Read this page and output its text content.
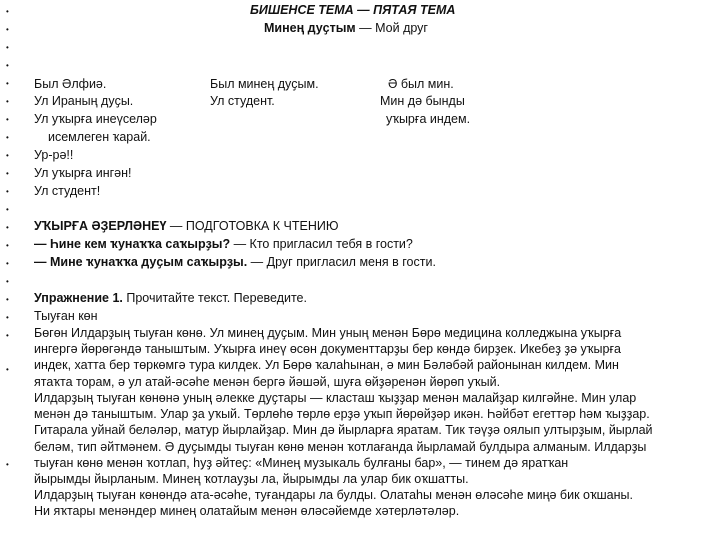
•
•
•
•
•
•
•
•
•
•
•
•
•
•
•
•
•
•
•
•
•
БИШЕНСЕ ТЕМА — ПЯТАЯ ТЕМА
Минең дуҫтым — Мой друг
Был Әлфиә.
Ул Ираның дуҫы.
Ул уҡырға инеүселәр
исемлеген ҡарай.
Ур-рә!!
Ул уҡырға ингән!
Ул студент!
Был минең дуҫым.
Ул студент.
Ә был мин.
Мин дә бынды
уҡырға индем.
УҠЫРҒА ӘҘЕРЛӘНЕҮ — ПОДГОТОВКА К ЧТЕНИЮ
— Һине кем ҡунаҡҡа саҡырҙы? — Кто пригласил тебя в гости?
— Мине ҡунаҡҡа дуҫым саҡырҙы. — Друг пригласил меня в гости.
Упражнение 1. Прочитайте текст. Переведите.
Тыуған көн
Бөгөн Илдарҙың тыуған көнө. Ул минең дуҫым. Мин уның менән Бөрө медицина колледжына уҡырға
ингергә йөрөгәндә таныштым. Уҡырға инеү өсөн документтарҙы бер көндә бирҙек. Икебеҙ ҙә уҡырға
индек, хатта бер төркөмгә тура килдек. Ул Бөрө ҡалаһынан, ә мин Бәләбәй районынан килдем. Мин
ятаҡта торам, ә ул атай-әсәһе менән бергә йәшәй, шуға өйҙәренән йөрөп уҡый.
Илдарҙың тыуған көнөнә уның әлекке дуҫтары — класташ ҡыҙҙар менән малайҙар килгәйне. Мин улар
менән дә таныштым. Улар ҙа уҡый. Төрлөһө төрлө ерҙә уҡып йөрөйҙәр икән. Һәйбәт егеттәр һәм ҡыҙҙар.
Гитарала уйнай беләләр, матур йырлайҙар. Мин дә йырларға яратам. Тик тәүҙә оялып ултырҙым, йырлай
беләм, тип әйтмәнем. Ә дуҫымды тыуған көнө менән ҡотлағанда йырламай булдыра алманым. Илдарҙы
тыуған көнө менән ҡотлап, һуҙ әйтеҫ: «Минең музыкаль булғаны бар», — тинем дә яратҡан
йырымды йырланым. Минең ҡотлауҙы ла, йырымды ла улар бик оҡшатты.
Илдарҙың тыуған көнөндә ата-әсәһе, туғандары ла булды. Олатаһы менән өләсәһе миңә бик оҡшаны.
Ни яҡтары менәндер минең олатайым менән өләсәйемде хәтерләтәләр.
